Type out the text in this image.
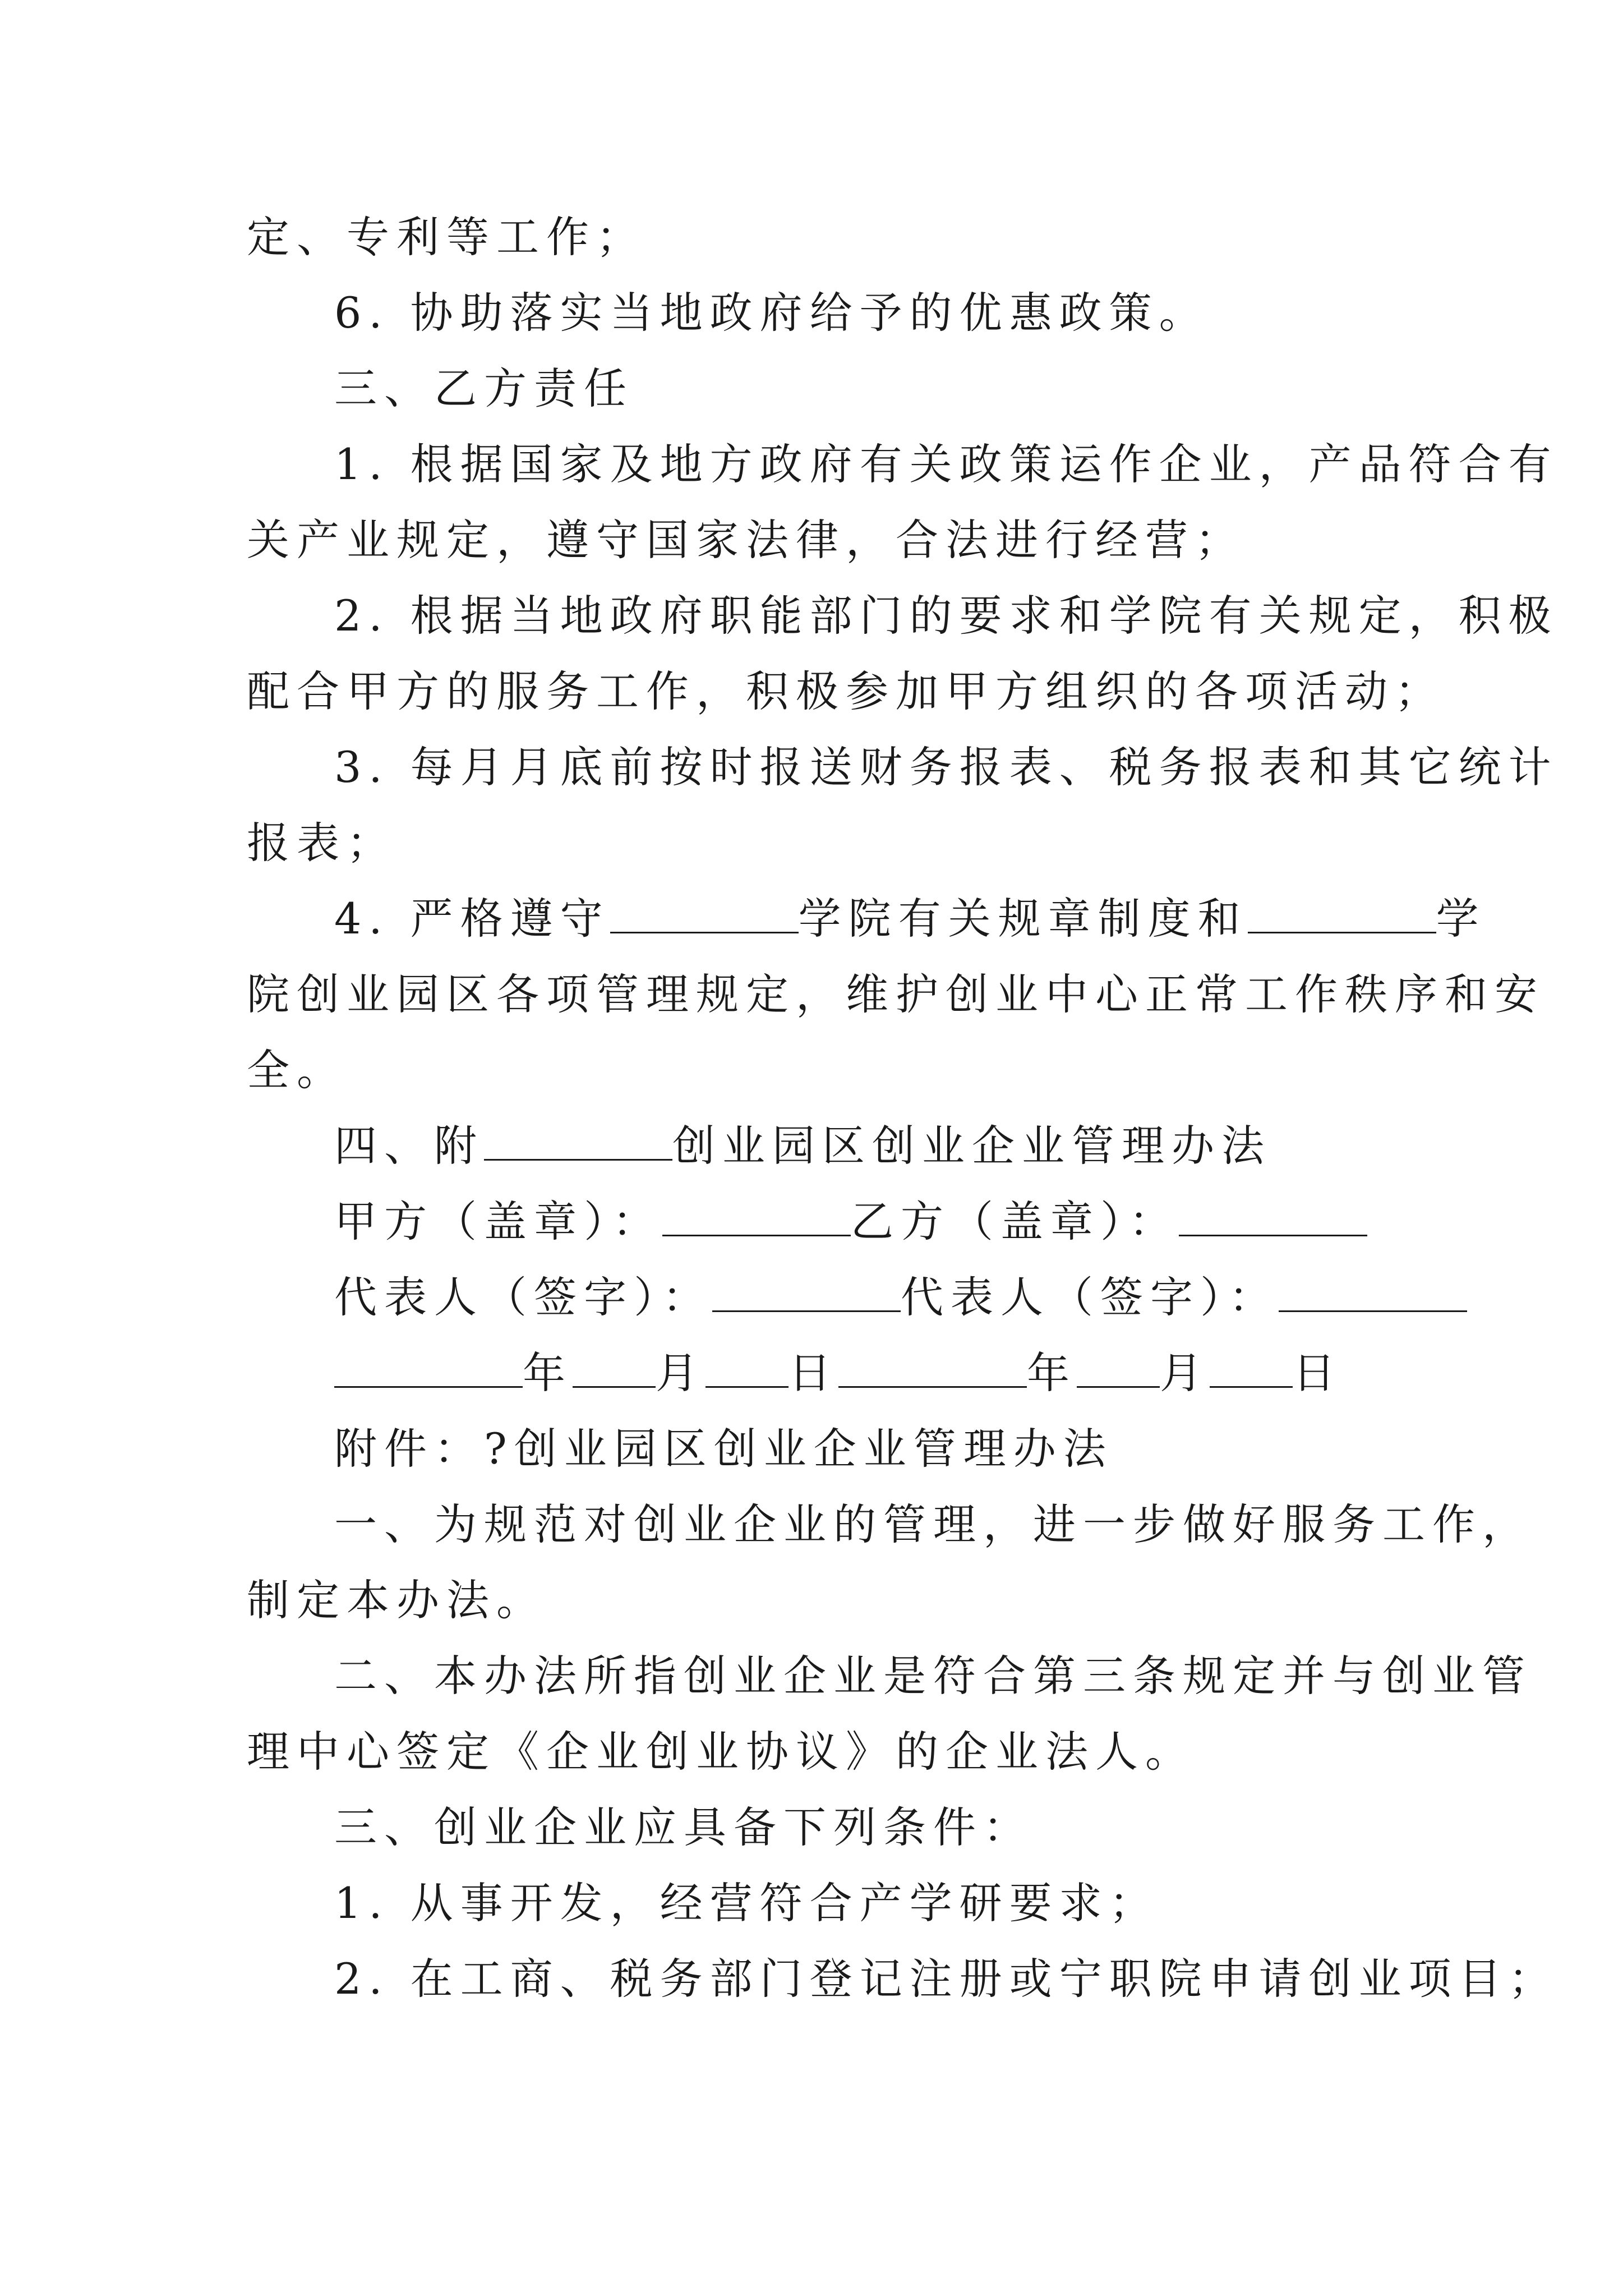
定、专利等工作；
6. 协助落实当地政府给予的优惠政策。
三、乙方责任
1. 根据国家及地方政府有关政策运作企业，产品符合有
关产业规定，遵守国家法律，合法进行经营；
2. 根据当地政府职能部门的要求和学院有关规定，积极
配合甲方的服务工作，积极参加甲方组织的各项活动；
3. 每月月底前按时报送财务报表、税务报表和其它统计
报表；
4. 严格遵守	学院有关规章制度和	学
院创业园区各项管理规定，维护创业中心正常工作秩序和安
全。
四、附	创业园区创业企业管理办法
甲方（盖章）：	乙方（盖章）：
代表人（签字）：	代表人（签字）：
年 月 日	年 月 日
附件：?创业园区创业企业管理办法
一、为规范对创业企业的管理，进一步做好服务工作，
制定本办法。
二、本办法所指创业企业是符合第三条规定并与创业管
理中心签定《企业创业协议》的企业法人。
三、创业企业应具备下列条件：
1. 从事开发，经营符合产学研要求；
2. 在工商、税务部门登记注册或宁职院申请创业项目；
